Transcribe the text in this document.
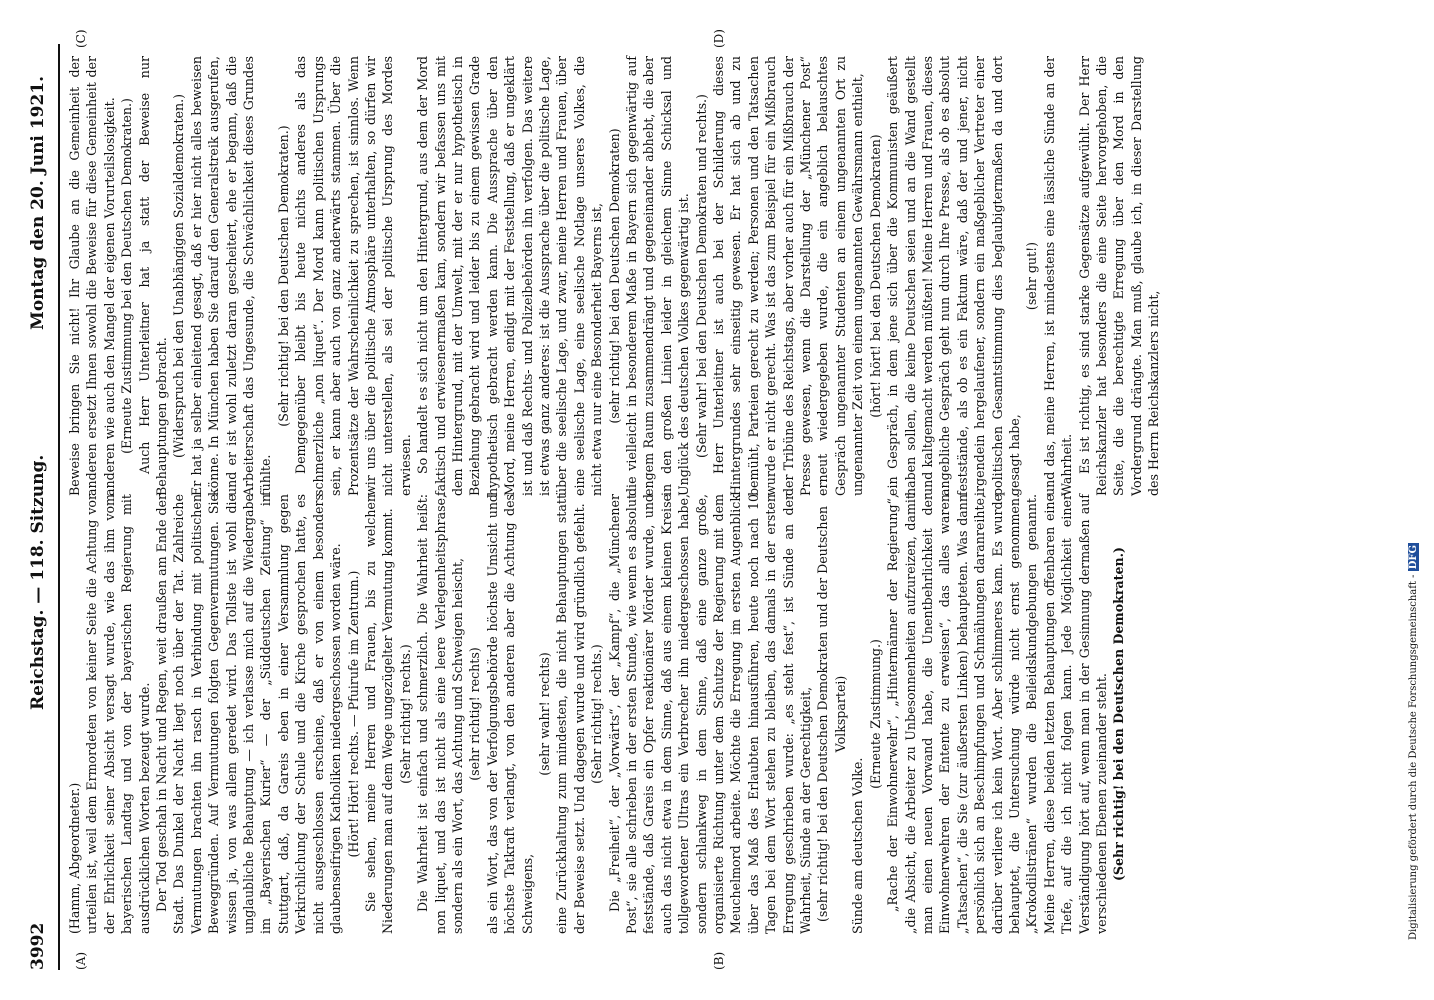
3992
Reichstag. — 118. Sitzung.
Montag den 20. Juni 1921.
(A)	(B)
(C)	(D)

(Hamm, Abgeordneter.) urteilen ist, weil dem Ermordeten von keiner Seite die Achtung vor der Ehrlichkeit seiner Absicht versagt wurde, wie das ihm vom bayerischen Landtag und von der bayerischen Regierung mit ausdrücklichen Worten bezeugt wurde. Der Tod geschah in Nacht und Regen, weit draußen am Ende der Stadt. Das Dunkel der Nacht liegt noch über der Tat. Zahlreiche Vermutungen brachten ihn rasch in Verbindung mit politischen Beweggründen. Auf Vermutungen folgten Gegenvermutungen. Sie wissen ja, von was allem geredet wird. Das Tollste ist wohl die unglaubliche Behauptung — ich verlasse mich auf die Wiedergabe im „Bayerischen Kurier“ — der „Süddeutschen Zeitung“ in Stuttgart, daß, da Gareis eben in einer Versammlung gegen Verkirchlichung der Schule und die Kirche gesprochen hatte, es nicht ausgeschlossen erscheine, daß er von einem besonders glaubenseifrigen Katholiken niedergeschossen worden wäre. (Hört! Hört! rechts. — Pfuirufe im Zentrum.) Sie sehen, meine Herren und Frauen, bis zu welchen Niederungen man auf dem Wege ungezügelter Vermutung kommt. (Sehr richtig! rechts.) Die Wahrheit ist einfach und schmerzlich. Die Wahrheit heißt: non liquet, und das ist nicht als eine leere Verlegenheitsphrase, sondern als ein Wort, das Achtung und Schweigen heischt, (sehr richtig! rechts) als ein Wort, das von der Verfolgungsbehörde höchste Umsicht und höchste Tatkraft verlangt, von den anderen aber die Achtung des Schweigens,

(sehr wahr! rechts) eine Zurückhaltung zum mindesten, die nicht Behauptungen statt der Beweise setzt. Und dagegen wurde und wird gründlich gefehlt. (Sehr richtig! rechts.) Die „Freiheit“, der „Vorwärts“, der „Kampf“, die „Münchener Post“, sie alle schrieben in der ersten Stunde, wie wenn es absolut feststände, daß Gareis ein Opfer reaktionärer Mörder wurde, und auch das nicht etwa in dem Sinne, daß aus einem kleinen Kreise tollgewordener Ultras ein Verbrecher ihn niedergeschossen habe, sondern schlankweg in dem Sinne, daß eine ganze große, organisierte Richtung unter dem Schutze der Regierung mit dem Meuchelmord arbeite. Möchte die Erregung im ersten Augenblick über das Maß des Erlaubten hinausführen, heute noch nach 10 Tagen bei dem Wort stehen zu bleiben, das damals in der ersten Erregung geschrieben wurde: „es steht fest“, ist Sünde an der Wahrheit, Sünde an der Gerechtigkeit, (sehr richtig! bei den Deutschen Demokraten und der Deutschen Volkspartei)

Sünde am deutschen Volke.

(Erneute Zustimmung.) „Rache der Einwohnerwehr“, „Hintermänner der Regierung“, „die Absicht, die Arbeiter zu Unbesonnenheiten aufzureizen, damit man einen neuen Vorwand habe, die Unentbehrlichkeit der Einwohnerwehren der Entente zu erweisen“, das alles waren „Tatsachen“, die Sie (zur äußersten Linken) behaupteten. Was dann persönlich sich an Beschimpfungen und Schmähungen daranreihte, darüber verliere ich kein Wort. Aber schlimmeres kam. Es wurde behauptet, die Untersuchung würde nicht ernst genommen. „Krokodilstränen“ wurden die Beileidskundgebungen genannt. Meine Herren, diese beiden letzten Behauptungen offenbaren eine Tiefe, auf die ich nicht folgen kann. Jede Möglichkeit einer Verständigung hört auf, wenn man in der Gesinnung dermaßen auf verschiedenen Ebenen zueinander steht. (Sehr richtig! bei den Deutschen Demokraten.)

Beweise bringen Sie nicht! Ihr Glaube an die Gemeinheit der anderen ersetzt Ihnen sowohl die Beweise für diese Gemeinheit der anderen wie auch den Mangel der eigenen Vorurteilslosigkeit. (Erneute Zustimmung bei den Deutschen Demokraten.) Auch Herr Unterleitner hat ja statt der Beweise nur Behauptungen gebracht. (Widerspruch bei den Unabhängigen Sozialdemokraten.) Er hat ja selber einleitend gesagt, daß er hier nicht alles beweisen könne. In München haben Sie darauf den Generalstreik ausgerufen, und er ist wohl zuletzt daran gescheitert, ehe er begann, daß die Arbeiterschaft das Ungesunde, die Schwächlichkeit dieses Grundes fühlte.

(Sehr richtig! bei den Deutschen Demokraten.) Demgegenüber bleibt bis heute nichts anderes als das schmerzliche „non liquet“. Der Mord kann politischen Ursprungs sein, er kann aber auch von ganz anderwärts stammen. Über die Prozentsätze der Wahrscheinlichkeit zu sprechen, ist sinnlos. Wenn wir uns über die politische Atmosphäre unterhalten, so dürfen wir nicht unterstellen, als sei der politische Ursprung des Mordes erwiesen. So handelt es sich nicht um den Hintergrund, aus dem der Mord faktisch und erwiesenermaßen kam, sondern wir befassen uns mit dem Hintergrund, mit der Umwelt, mit der er nur hypothetisch in Beziehung gebracht wird und leider bis zu einem gewissen Grade hypothetisch gebracht werden kann. Die Aussprache über den Mord, meine Herren, endigt mit der Feststellung, daß er ungeklärt ist und daß Rechts- und Polizeibehörden ihn verfolgen. Das weitere ist etwas ganz anderes: ist die Aussprache über die politische Lage, über die seelische Lage, und zwar, meine Herren und Frauen, über eine seelische Lage, eine seelische Notlage unseres Volkes, die nicht etwa nur eine Besonderheit Bayerns ist, (sehr richtig! bei den Deutschen Demokraten) die vielleicht in besonderem Maße in Bayern sich gegenwärtig auf engem Raum zusammendrängt und gegeneinander abhebt, die aber in den großen Linien leider in gleichem Sinne Schicksal und Unglück des deutschen Volkes gegenwärtig ist. (Sehr wahr! bei den Deutschen Demokraten und rechts.) Herr Unterleitner ist auch bei der Schilderung dieses Hintergrundes sehr einseitig gewesen. Er hat sich ab und zu bemüht, Parteien gerecht zu werden; Personen und den Tatsachen wurde er nicht gerecht. Was ist das zum Beispiel für ein Mißbrauch der Tribüne des Reichstags, aber vorher auch für ein Mißbrauch der Presse gewesen, wenn die Darstellung der „Münchener Post“ erneut wiedergegeben wurde, die ein angeblich belauschtes Gespräch ungenannter Studenten an einem ungenannten Ort zu ungenannter Zeit von einem ungenannten Gewährsmann enthielt, (hört! hört! bei den Deutschen Demokraten) ein Gespräch, in dem jene sich über die Kommunisten geäußert haben sollen, die keine Deutschen seien und an die Wand gestellt und kaltgemacht werden müßten! Meine Herren und Frauen, dieses angebliche Gespräch geht nun durch Ihre Presse, als ob es absolut feststände, als ob es ein Faktum wäre, daß der und jener, nicht irgendein hergelaufener, sondern ein maßgeblicher Vertreter einer politischen Gesamtstimmung dies beglaubigtermaßen da und dort gesagt habe,

(sehr gut!) und das, meine Herren, ist mindestens eine lässliche Sünde an der Wahrheit. Es ist richtig, es sind starke Gegensätze aufgewühlt. Der Herr Reichskanzler hat besonders die eine Seite hervorgehoben, die Seite, die die berechtigte Erregung über den Mord in den Vordergrund drängte. Man muß, glaube ich, in dieser Darstellung des Herrn Reichskanzlers nicht,

Digitalisierung gefördert durch die Deutsche Forschungsgemeinschaft - DFG
